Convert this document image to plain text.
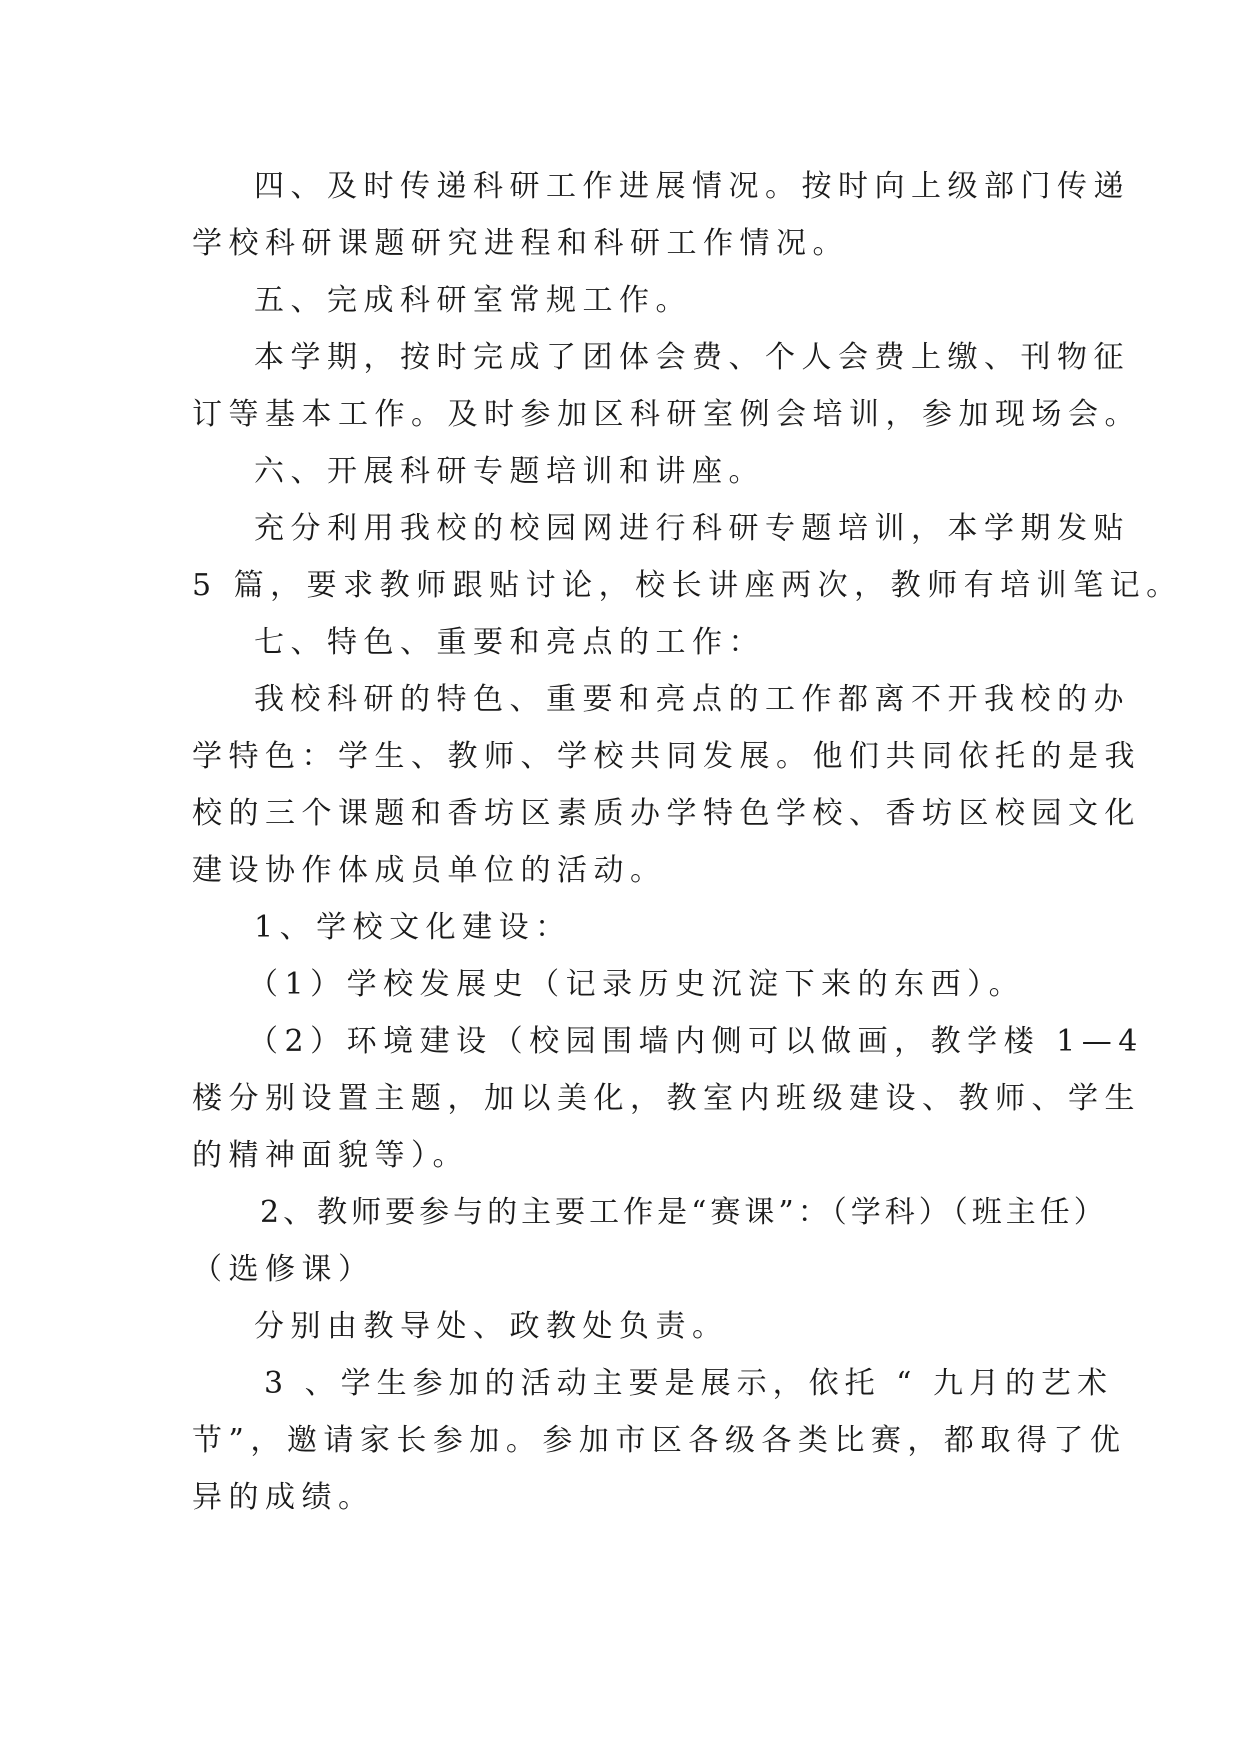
四、及时传递科研工作进展情况。按时向上级部门传递
学校科研课题研究进程和科研工作情况。

五、完成科研室常规工作。

本学期，按时完成了团体会费、个人会费上缴、刊物征
订等基本工作。及时参加区科研室例会培训，参加现场会。

六、开展科研专题培训和讲座。

充分利用我校的校园网进行科研专题培训，本学期发贴
5 篇，要求教师跟贴讨论，校长讲座两次，教师有培训笔记。

七、特色、重要和亮点的工作：

我校科研的特色、重要和亮点的工作都离不开我校的办
学特色：学生、教师、学校共同发展。他们共同依托的是我
校的三个课题和香坊区素质办学特色学校、香坊区校园文化
建设协作体成员单位的活动。

1、学校文化建设：

（1）学校发展史（记录历史沉淀下来的东西）。

（2）环境建设（校园围墙内侧可以做画，教学楼 1—4
楼分别设置主题，加以美化，教室内班级建设、教师、学生
的精神面貌等）。

2、教师要参与的主要工作是“赛课”：（学科）（班主任）
（选修课）

分别由教导处、政教处负责。

3 、学生参加的活动主要是展示，依托 “ 九月的艺术
节”，邀请家长参加。参加市区各级各类比赛，都取得了优
异的成绩。
